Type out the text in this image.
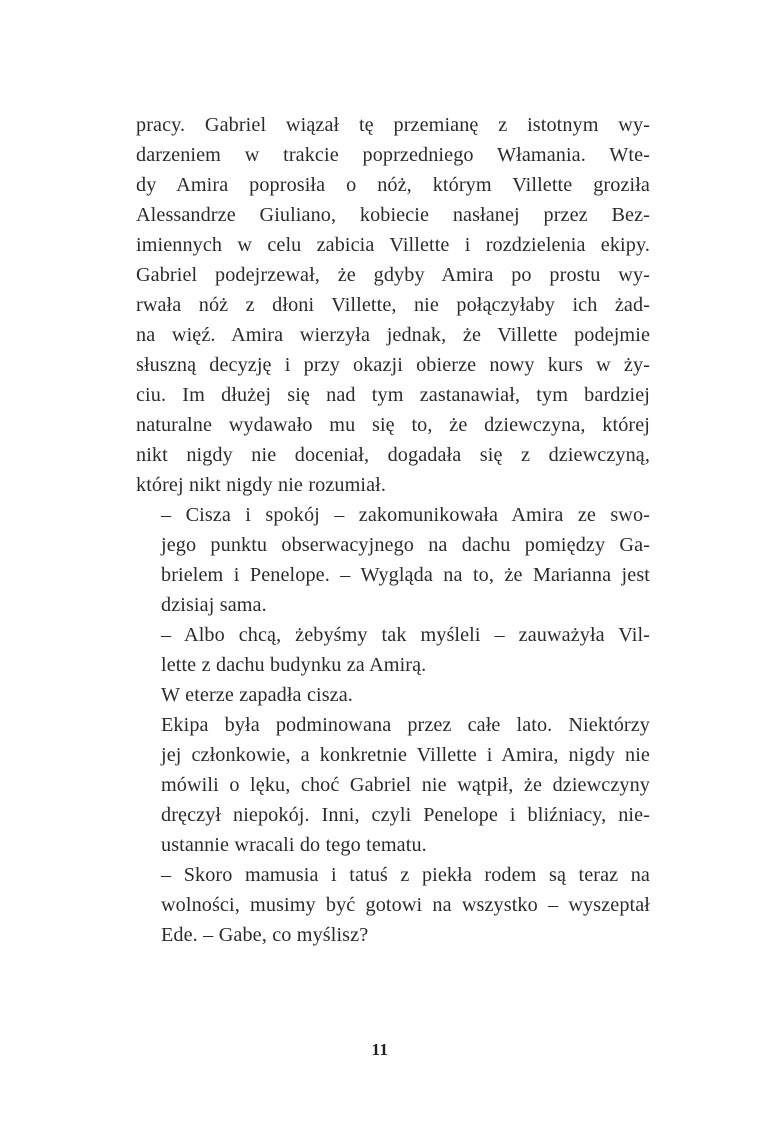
pracy. Gabriel wiązał tę przemianę z istotnym wy-
darzeniem w trakcie poprzedniego Włamania. Wte-
dy Amira poprosiła o nóż, którym Villette groziła
Alessandrze Giuliano, kobiecie nasłanej przez Bez-
imiennych w celu zabicia Villette i rozdzielenia ekipy.
Gabriel podejrzewał, że gdyby Amira po prostu wy-
rwała nóż z dłoni Villette, nie połączyłaby ich żad-
na więź. Amira wierzyła jednak, że Villette podejmie
słuszną decyzję i przy okazji obierze nowy kurs w ży-
ciu. Im dłużej się nad tym zastanawiał, tym bardziej
naturalne wydawało mu się to, że dziewczyna, której
nikt nigdy nie doceniał, dogadała się z dziewczyną,
której nikt nigdy nie rozumiał.

– Cisza i spokój – zakomunikowała Amira ze swo-
jego punktu obserwacyjnego na dachu pomiędzy Ga-
brielem i Penelope. – Wygląda na to, że Marianna jest
dzisiaj sama.

– Albo chcą, żebyśmy tak myśleli – zauważyła Vil-
lette z dachu budynku za Amirą.

W eterze zapadła cisza.

Ekipa była podminowana przez całe lato. Niektórzy
jej członkowie, a konkretnie Villette i Amira, nigdy nie
mówili o lęku, choć Gabriel nie wątpił, że dziewczyny
dręczył niepokój. Inni, czyli Penelope i bliźniacy, nie-
ustannie wracali do tego tematu.

– Skoro mamusia i tatuś z piekła rodem są teraz na
wolności, musimy być gotowi na wszystko – wyszeptał
Ede. – Gabe, co myślisz?

11
